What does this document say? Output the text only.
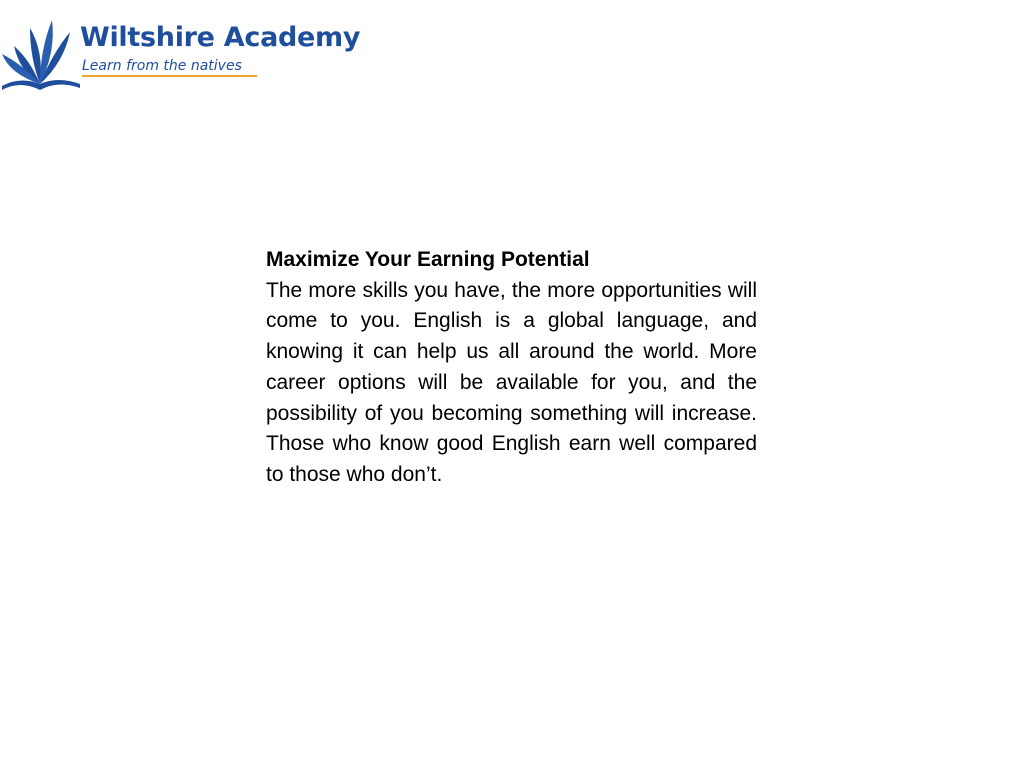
Wiltshire Academy
Learn from the natives

Maximize Your Earning Potential

The more skills you have, the more opportunities will come to you. English is a global language, and knowing it can help us all around the world. More career options will be available for you, and the possibility of you becoming something will increase. Those who know good English earn well compared to those who don’t.
